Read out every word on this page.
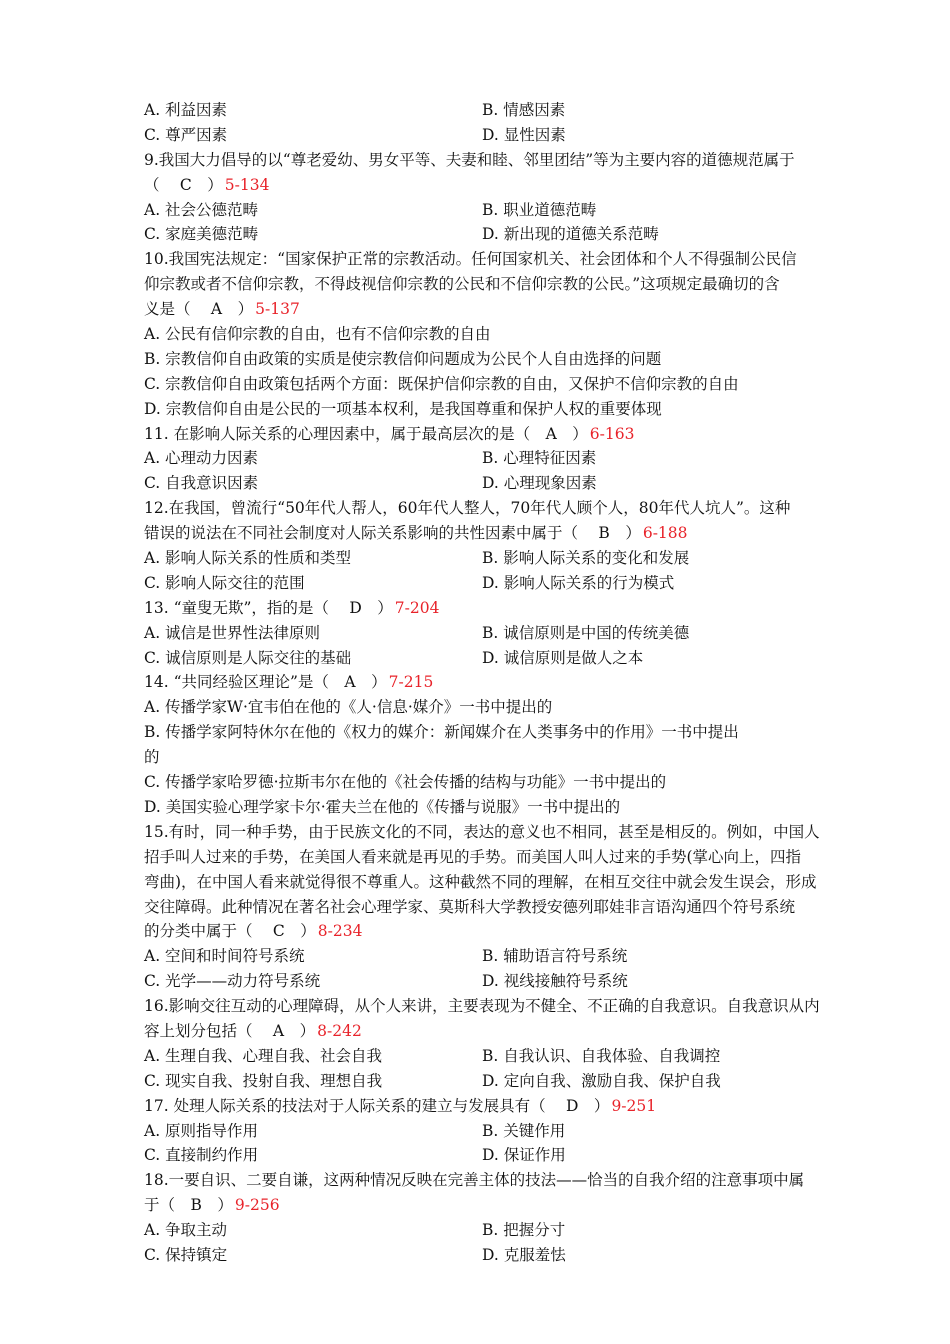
A. 利益因素	B. 情感因素
C. 尊严因素	D. 显性因素
9.我国大力倡导的以“尊老爱幼、男女平等、夫妻和睦、邻里团结”等为主要内容的道德规范属于
（　 C　） 5-134
A. 社会公德范畴	B. 职业道德范畴
C. 家庭美德范畴	D. 新出现的道德关系范畴
10.我国宪法规定：“国家保护正常的宗教活动。任何国家机关、社会团体和个人不得强制公民信
仰宗教或者不信仰宗教，不得歧视信仰宗教的公民和不信仰宗教的公民。”这项规定最确切的含
义是（　 A　） 5-137
A. 公民有信仰宗教的自由，也有不信仰宗教的自由
B. 宗教信仰自由政策的实质是使宗教信仰问题成为公民个人自由选择的问题
C. 宗教信仰自由政策包括两个方面：既保护信仰宗教的自由，又保护不信仰宗教的自由
D. 宗教信仰自由是公民的一项基本权利，是我国尊重和保护人权的重要体现
11. 在影响人际关系的心理因素中，属于最高层次的是（　A　） 6-163
A. 心理动力因素	B. 心理特征因素
C. 自我意识因素	D. 心理现象因素
12.在我国，曾流行“50年代人帮人，60年代人整人，70年代人顾个人，80年代人坑人”。这种
错误的说法在不同社会制度对人际关系影响的共性因素中属于（　 B　） 6-188
A. 影响人际关系的性质和类型	B. 影响人际关系的变化和发展
C. 影响人际交往的范围	D. 影响人际关系的行为模式
13. “童叟无欺”，指的是（　 D　） 7-204
A. 诚信是世界性法律原则	B. 诚信原则是中国的传统美德
C. 诚信原则是人际交往的基础	D. 诚信原则是做人之本
14. “共同经验区理论”是（　A　） 7-215
A. 传播学家W·宜韦伯在他的《人·信息·媒介》一书中提出的
B. 传播学家阿特休尔在他的《权力的媒介：新闻媒介在人类事务中的作用》一书中提出
的
C. 传播学家哈罗德·拉斯韦尔在他的《社会传播的结构与功能》一书中提出的
D. 美国实验心理学家卡尔·霍夫兰在他的《传播与说服》一书中提出的
15.有时，同一种手势，由于民族文化的不同，表达的意义也不相同，甚至是相反的。例如，中国人
招手叫人过来的手势，在美国人看来就是再见的手势。而美国人叫人过来的手势(掌心向上，四指
弯曲)，在中国人看来就觉得很不尊重人。这种截然不同的理解，在相互交往中就会发生误会，形成
交往障碍。此种情况在著名社会心理学家、莫斯科大学教授安德列耶娃非言语沟通四个符号系统
的分类中属于（　 C　） 8-234
A. 空间和时间符号系统	B. 辅助语言符号系统
C. 光学——动力符号系统	D. 视线接触符号系统
16.影响交往互动的心理障碍，从个人来讲，主要表现为不健全、不正确的自我意识。自我意识从内
容上划分包括（　 A　） 8-242
A. 生理自我、心理自我、社会自我	B. 自我认识、自我体验、自我调控
C. 现实自我、投射自我、理想自我	D. 定向自我、激励自我、保护自我
17. 处理人际关系的技法对于人际关系的建立与发展具有（　 D　） 9-251
A. 原则指导作用	B. 关键作用
C. 直接制约作用	D. 保证作用
18.一要自识、二要自谦，这两种情况反映在完善主体的技法——恰当的自我介绍的注意事项中属
于（　B　） 9-256
A. 争取主动	B. 把握分寸
C. 保持镇定	D. 克服羞怯
